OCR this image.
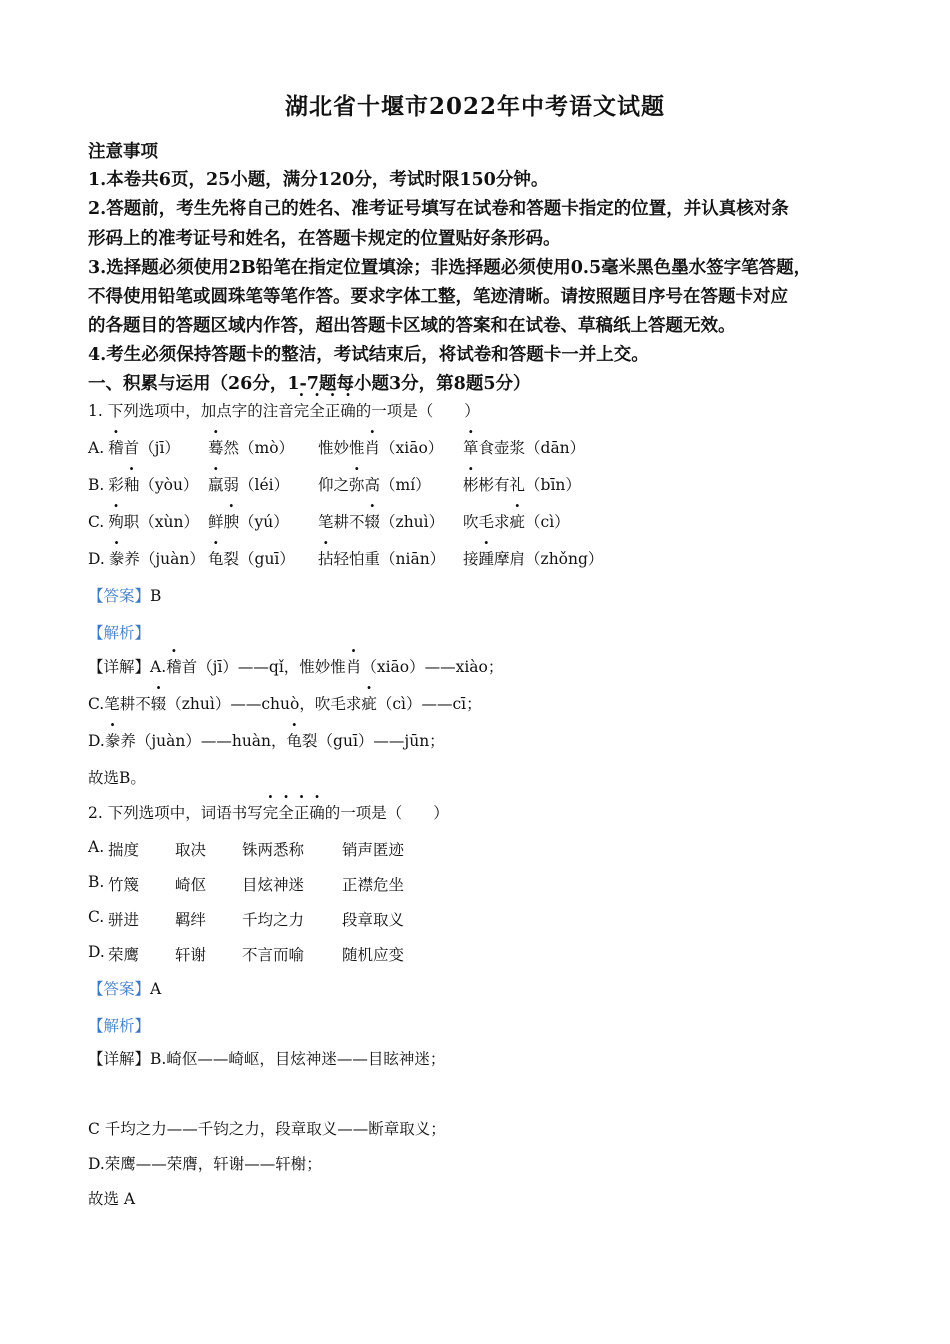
湖北省十堰市2022年中考语文试题
注意事项
1.本卷共6页，25小题，满分120分，考试时限150分钟。
2.答题前，考生先将自己的姓名、准考证号填写在试卷和答题卡指定的位置，并认真核对条
形码上的准考证号和姓名，在答题卡规定的位置贴好条形码。
3.选择题必须使用2B铅笔在指定位置填涂；非选择题必须使用0.5毫米黑色墨水签字笔答题，
不得使用铅笔或圆珠笔等笔作答。要求字体工整，笔迹清晰。请按照题目序号在答题卡对应
的各题目的答题区域内作答，超出答题卡区域的答案和在试卷、草稿纸上答题无效。
4.考生必须保持答题卡的整洁，考试结束后，将试卷和答题卡一并上交。
一、积累与运用（26分，1-7题每小题3分，第8题5分）
1. 下列选项中，加点字的注音完全正确的一项是（　　）
A. 稽首（jī） 蓦然（mò） 惟妙惟肖（xiāo） 箪食壶浆（dān）
B. 彩釉（yòu） 羸弱（léi） 仰之弥高（mí） 彬彬有礼（bīn）
C. 殉职（xùn） 鲜腴（yú） 笔耕不辍（zhuì） 吹毛求疵（cì）
D. 豢养（juàn） 龟裂（guī） 拈轻怕重（niān） 接踵摩肩（zhǒng）
【答案】B
【解析】
【详解】A.稽首（jī）——qǐ，惟妙惟肖（xiāo）——xiào；
C.笔耕不辍（zhuì）——chuò，吹毛求疵（cì）——cī；
D.豢养（juàn）——huàn，龟裂（guī）——jūn；
故选B。
2. 下列选项中，词语书写完全正确的一项是（　　）
A. 揣度 取决 铢两悉称 销声匿迹
B. 竹篾 崎伛 目炫神迷 正襟危坐
C. 骈进 羁绊 千均之力 段章取义
D. 荣鹰 轩谢 不言而喻 随机应变
【答案】A
【解析】
【详解】B.崎伛——崎岖，目炫神迷——目眩神迷；
C 千均之力——千钧之力，段章取义——断章取义；
D.荣鹰——荣膺，轩谢——轩榭；
故选 A
